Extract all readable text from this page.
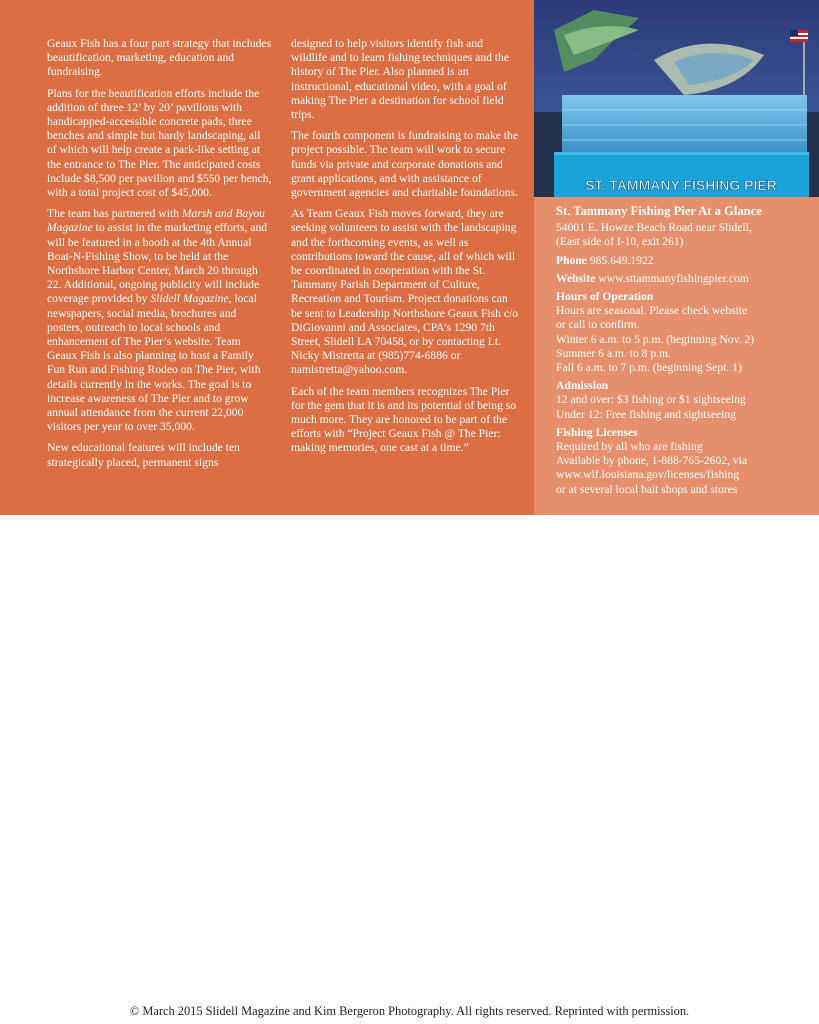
Geaux Fish has a four part strategy that includes beautification, marketing, education and fundraising.

Plans for the beautification efforts include the addition of three 12’ by 20’ pavilions with handicapped-accessible concrete pads, three benches and simple but hardy landscaping, all of which will help create a park-like setting at the entrance to The Pier. The anticipated costs include $8,500 per pavilion and $550 per bench, with a total project cost of $45,000.

The team has partnered with Marsh and Bayou Magazine to assist in the marketing efforts, and will be featured in a booth at the 4th Annual Boat-N-Fishing Show, to be held at the Northshore Harbor Center, March 20 through 22. Additional, ongoing publicity will include coverage provided by Slidell Magazine, local newspapers, social media, brochures and posters, outreach to local schools and enhancement of The Pier’s website. Team Geaux Fish is also planning to host a Family Fun Run and Fishing Rodeo on The Pier, with details currently in the works. The goal is to increase awareness of The Pier and to grow annual attendance from the current 22,000 visitors per year to over 35,000.

New educational features will include ten strategically placed, permanent signs

designed to help visitors identify fish and wildlife and to learn fishing techniques and the history of The Pier. Also planned is an instructional, educational video, with a goal of making The Pier a destination for school field trips.

The fourth component is fundraising to make the project possible. The team will work to secure funds via private and corporate donations and grant applications, and with assistance of government agencies and charitable foundations.

As Team Geaux Fish moves forward, they are seeking volunteers to assist with the landscaping and the forthcoming events, as well as contributions toward the cause, all of which will be coordinated in cooperation with the St. Tammany Parish Department of Culture, Recreation and Tourism. Project donations can be sent to Leadership Northshore Geaux Fish c/o DiGiovanni and Associates, CPA’s 1290 7th Street, Slidell LA 70458, or by contacting Lt. Nicky Mistretta at (985)774-6886 or namistretta@yahoo.com.

Each of the team members recognizes The Pier for the gem that it is and its potential of being so much more. They are honored to be part of the efforts with “Project Geaux Fish @ The Pier: making memories, one cast at a time.”

ST. TAMMANY FISHING PIER
St. Tammany Fishing Pier At a Glance
54001 E. Howze Beach Road near Slidell,
(East side of I-10, exit 261)
Phone 985.649.1922
Website www.sttammanyfishingpier.com
Hours of Operation
Hours are seasonal. Please check website
or call to confirm.
Winter 6 a.m. to 5 p.m. (beginning Nov. 2)
Summer 6 a.m. to 8 p.m.
Fall 6 a.m. to 7 p.m. (beginning Sept. 1)
Admission
12 and over: $3 fishing or $1 sightseeing
Under 12: Free fishing and sightseeing
Fishing Licenses
Required by all who are fishing
Available by phone, 1-888-765-2602, via
www.wlf.louisiana.gov/licenses/fishing
or at several local bait shops and stores
© March 2015 Slidell Magazine and Kim Bergeron Photography. All rights reserved. Reprinted with permission.
